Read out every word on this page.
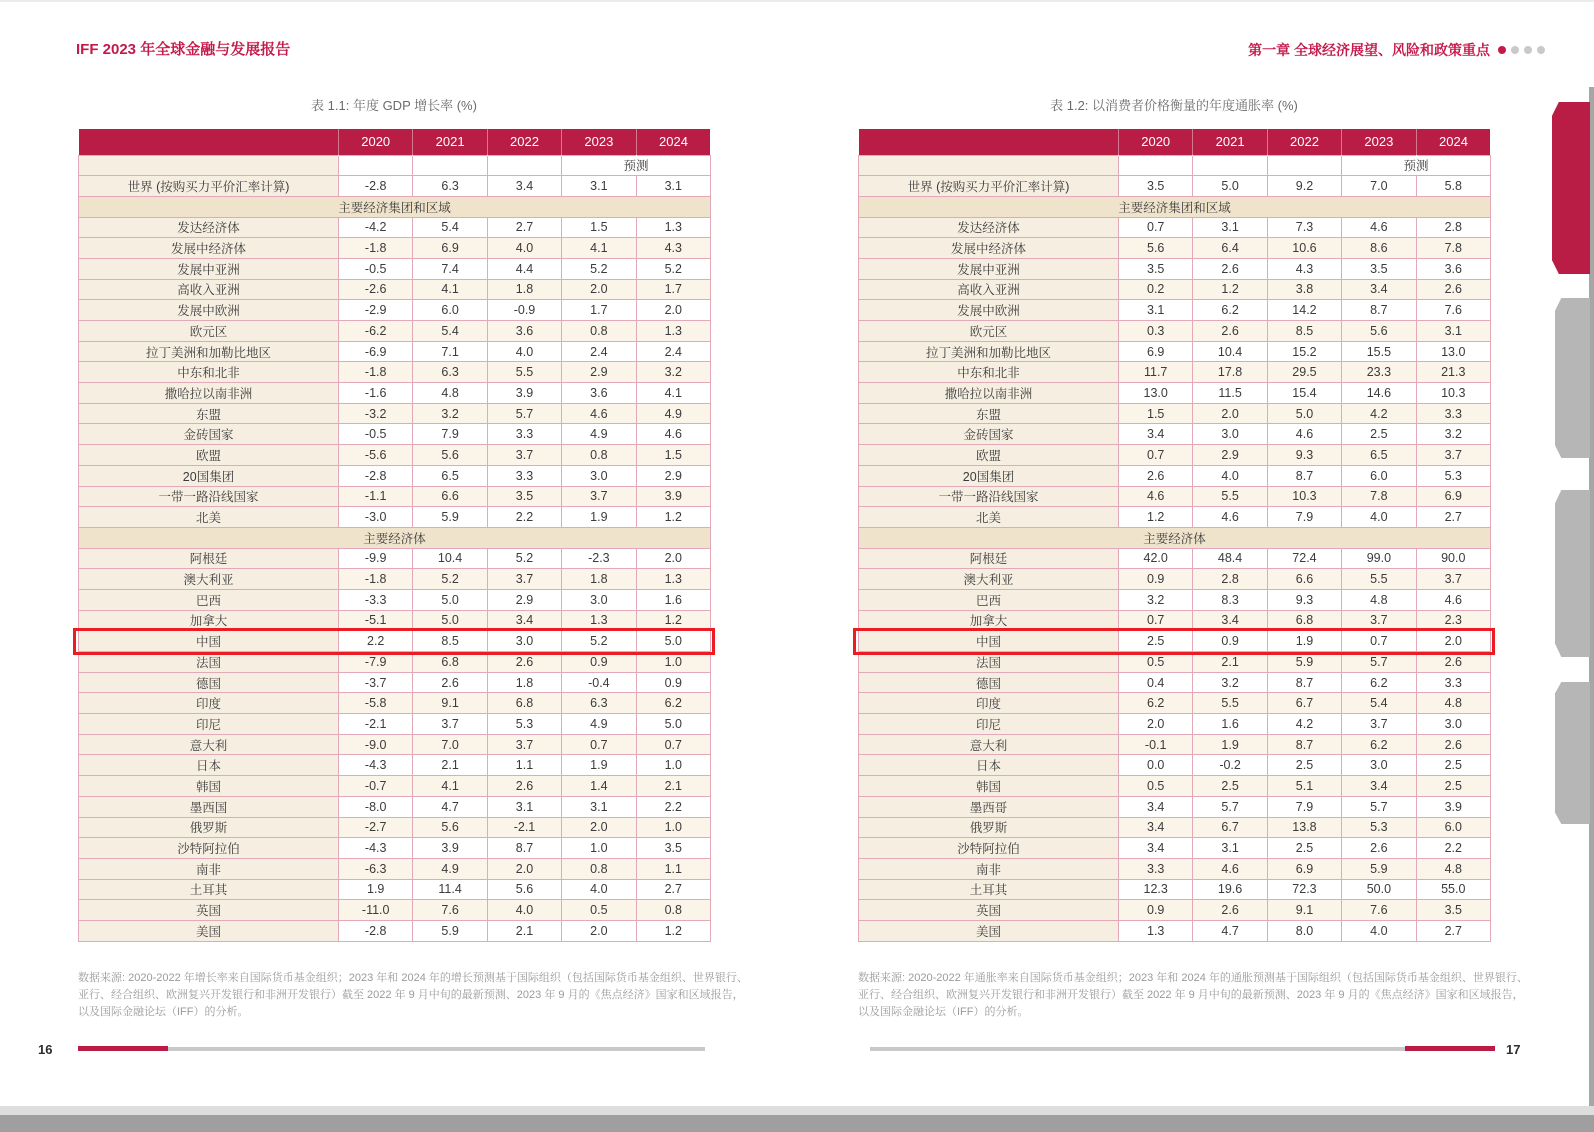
IFF 2023 年全球金融与发展报告	第一章 全球经济展望、风险和政策重点
表 1.1: 年度 GDP 增长率 (%)	表 1.2: 以消费者价格衡量的年度通胀率 (%)
	2020	2021	2022	2023	2024
				预测	
世界 (按购买力平价汇率计算)	-2.8	6.3	3.4	3.1	3.1
主要经济集团和区域					
发达经济体	-4.2	5.4	2.7	1.5	1.3
发展中经济体	-1.8	6.9	4.0	4.1	4.3
发展中亚洲	-0.5	7.4	4.4	5.2	5.2
高收入亚洲	-2.6	4.1	1.8	2.0	1.7
发展中欧洲	-2.9	6.0	-0.9	1.7	2.0
欧元区	-6.2	5.4	3.6	0.8	1.3
拉丁美洲和加勒比地区	-6.9	7.1	4.0	2.4	2.4
中东和北非	-1.8	6.3	5.5	2.9	3.2
撒哈拉以南非洲	-1.6	4.8	3.9	3.6	4.1
东盟	-3.2	3.2	5.7	4.6	4.9
金砖国家	-0.5	7.9	3.3	4.9	4.6
欧盟	-5.6	5.6	3.7	0.8	1.5
20国集团	-2.8	6.5	3.3	3.0	2.9
一带一路沿线国家	-1.1	6.6	3.5	3.7	3.9
北美	-3.0	5.9	2.2	1.9	1.2
主要经济体					
阿根廷	-9.9	10.4	5.2	-2.3	2.0
澳大利亚	-1.8	5.2	3.7	1.8	1.3
巴西	-3.3	5.0	2.9	3.0	1.6
加拿大	-5.1	5.0	3.4	1.3	1.2
中国	2.2	8.5	3.0	5.2	5.0
法国	-7.9	6.8	2.6	0.9	1.0
德国	-3.7	2.6	1.8	-0.4	0.9
印度	-5.8	9.1	6.8	6.3	6.2
印尼	-2.1	3.7	5.3	4.9	5.0
意大利	-9.0	7.0	3.7	0.7	0.7
日本	-4.3	2.1	1.1	1.9	1.0
韩国	-0.7	4.1	2.6	1.4	2.1
墨西国	-8.0	4.7	3.1	3.1	2.2
俄罗斯	-2.7	5.6	-2.1	2.0	1.0
沙特阿拉伯	-4.3	3.9	8.7	1.0	3.5
南非	-6.3	4.9	2.0	0.8	1.1
土耳其	1.9	11.4	5.6	4.0	2.7
英国	-11.0	7.6	4.0	0.5	0.8
美国	-2.8	5.9	2.1	2.0	1.2
	2020	2021	2022	2023	2024
				预测	
世界 (按购买力平价汇率计算)	3.5	5.0	9.2	7.0	5.8
主要经济集团和区域					
发达经济体	0.7	3.1	7.3	4.6	2.8
发展中经济体	5.6	6.4	10.6	8.6	7.8
发展中亚洲	3.5	2.6	4.3	3.5	3.6
高收入亚洲	0.2	1.2	3.8	3.4	2.6
发展中欧洲	3.1	6.2	14.2	8.7	7.6
欧元区	0.3	2.6	8.5	5.6	3.1
拉丁美洲和加勒比地区	6.9	10.4	15.2	15.5	13.0
中东和北非	11.7	17.8	29.5	23.3	21.3
撒哈拉以南非洲	13.0	11.5	15.4	14.6	10.3
东盟	1.5	2.0	5.0	4.2	3.3
金砖国家	3.4	3.0	4.6	2.5	3.2
欧盟	0.7	2.9	9.3	6.5	3.7
20国集团	2.6	4.0	8.7	6.0	5.3
一带一路沿线国家	4.6	5.5	10.3	7.8	6.9
北美	1.2	4.6	7.9	4.0	2.7
主要经济体					
阿根廷	42.0	48.4	72.4	99.0	90.0
澳大利亚	0.9	2.8	6.6	5.5	3.7
巴西	3.2	8.3	9.3	4.8	4.6
加拿大	0.7	3.4	6.8	3.7	2.3
中国	2.5	0.9	1.9	0.7	2.0
法国	0.5	2.1	5.9	5.7	2.6
德国	0.4	3.2	8.7	6.2	3.3
印度	6.2	5.5	6.7	5.4	4.8
印尼	2.0	1.6	4.2	3.7	3.0
意大利	-0.1	1.9	8.7	6.2	2.6
日本	0.0	-0.2	2.5	3.0	2.5
韩国	0.5	2.5	5.1	3.4	2.5
墨西哥	3.4	5.7	7.9	5.7	3.9
俄罗斯	3.4	6.7	13.8	5.3	6.0
沙特阿拉伯	3.4	3.1	2.5	2.6	2.2
南非	3.3	4.6	6.9	5.9	4.8
土耳其	12.3	19.6	72.3	50.0	55.0
英国	0.9	2.6	9.1	7.6	3.5
美国	1.3	4.7	8.0	4.0	2.7
数据来源: 2020-2022 年增长率来自国际货币基金组织；2023 年和 2024 年的增长预测基于国际组织（包括国际货币基金组织、世界银行、
亚行、经合组织、欧洲复兴开发银行和非洲开发银行）截至 2022 年 9 月中旬的最新预测、2023 年 9 月的《焦点经济》国家和区域报告，
以及国际金融论坛（IFF）的分析。
数据来源: 2020-2022 年通胀率来自国际货币基金组织；2023 年和 2024 年的通胀预测基于国际组织（包括国际货币基金组织、世界银行、
亚行、经合组织、欧洲复兴开发银行和非洲开发银行）截至 2022 年 9 月中旬的最新预测、2023 年 9 月的《焦点经济》国家和区域报告，
以及国际金融论坛（IFF）的分析。
16	17
